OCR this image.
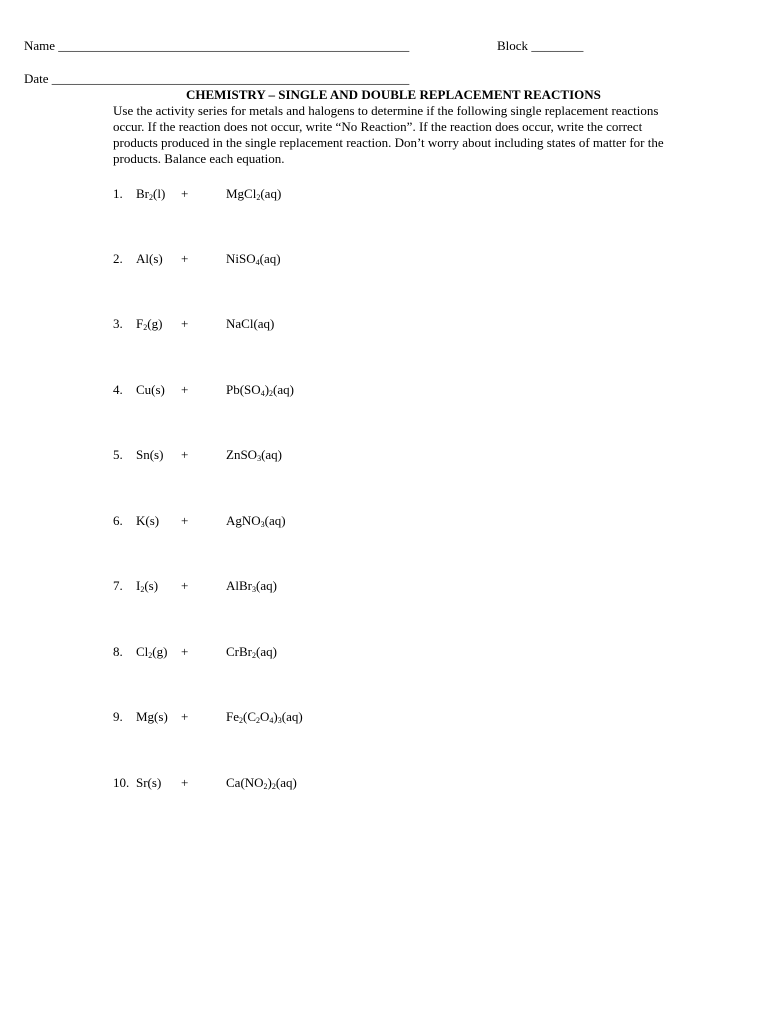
Name ______________________________________________________	Block ________
Date _______________________________________________________
CHEMISTRY – SINGLE AND DOUBLE REPLACEMENT REACTIONS
Use the activity series for metals and halogens to determine if the following single replacement reactions
occur. If the reaction does not occur, write “No Reaction”. If the reaction does occur, write the correct
products produced in the single replacement reaction. Don’t worry about including states of matter for the
products. Balance each equation.
1. $Br_2(l)$ +	MgCl$_2$(aq)
2. Al(s) +	NiSO$_4$(aq)
3. $F_2(g)$ +	NaCl(aq)
4. Cu(s) +	$Pb(SO_4)_2(aq)$
5. Sn(s) +	ZnSO$_3$(aq)
6. K(s) +	AgNO$_3$(aq)
7. $I_2(s)$ +	AlBr$_3$(aq)
8. $Cl_2(g)$ +	CrBr$_2$(aq)
9. Mg(s) +	$Fe_2(C_2O_4)_3(aq)$
10. Sr(s) +	$Ca(NO_2)_2(aq)$
